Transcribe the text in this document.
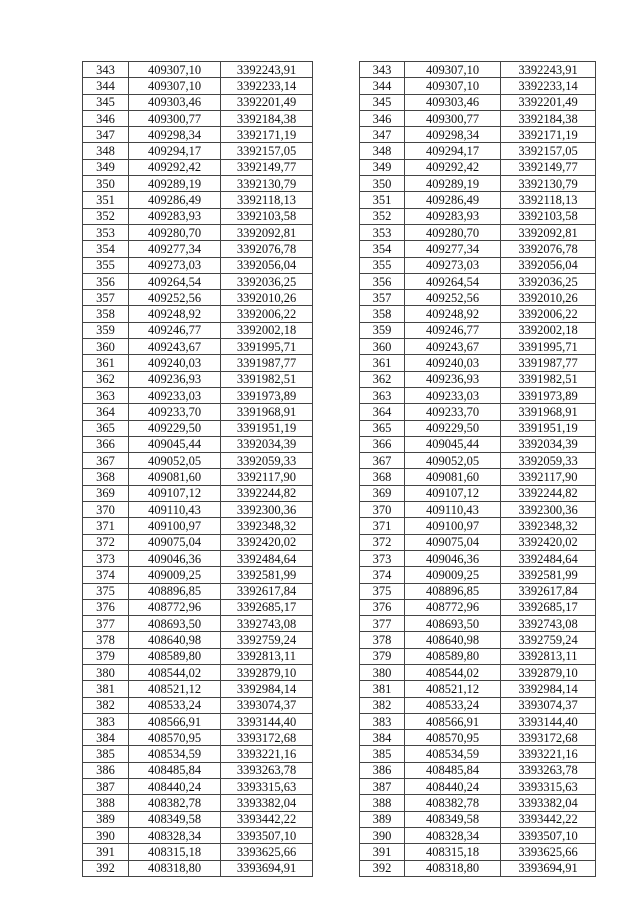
343	409307,10	3392243,91		343	409307,10	3392243,91
344	409307,10	3392233,14		344	409307,10	3392233,14
345	409303,46	3392201,49		345	409303,46	3392201,49
346	409300,77	3392184,38		346	409300,77	3392184,38
347	409298,34	3392171,19		347	409298,34	3392171,19
348	409294,17	3392157,05		348	409294,17	3392157,05
349	409292,42	3392149,77		349	409292,42	3392149,77
350	409289,19	3392130,79		350	409289,19	3392130,79
351	409286,49	3392118,13		351	409286,49	3392118,13
352	409283,93	3392103,58		352	409283,93	3392103,58
353	409280,70	3392092,81		353	409280,70	3392092,81
354	409277,34	3392076,78		354	409277,34	3392076,78
355	409273,03	3392056,04		355	409273,03	3392056,04
356	409264,54	3392036,25		356	409264,54	3392036,25
357	409252,56	3392010,26		357	409252,56	3392010,26
358	409248,92	3392006,22		358	409248,92	3392006,22
359	409246,77	3392002,18		359	409246,77	3392002,18
360	409243,67	3391995,71		360	409243,67	3391995,71
361	409240,03	3391987,77		361	409240,03	3391987,77
362	409236,93	3391982,51		362	409236,93	3391982,51
363	409233,03	3391973,89		363	409233,03	3391973,89
364	409233,70	3391968,91		364	409233,70	3391968,91
365	409229,50	3391951,19		365	409229,50	3391951,19
366	409045,44	3392034,39		366	409045,44	3392034,39
367	409052,05	3392059,33		367	409052,05	3392059,33
368	409081,60	3392117,90		368	409081,60	3392117,90
369	409107,12	3392244,82		369	409107,12	3392244,82
370	409110,43	3392300,36		370	409110,43	3392300,36
371	409100,97	3392348,32		371	409100,97	3392348,32
372	409075,04	3392420,02		372	409075,04	3392420,02
373	409046,36	3392484,64		373	409046,36	3392484,64
374	409009,25	3392581,99		374	409009,25	3392581,99
375	408896,85	3392617,84		375	408896,85	3392617,84
376	408772,96	3392685,17		376	408772,96	3392685,17
377	408693,50	3392743,08		377	408693,50	3392743,08
378	408640,98	3392759,24		378	408640,98	3392759,24
379	408589,80	3392813,11		379	408589,80	3392813,11
380	408544,02	3392879,10		380	408544,02	3392879,10
381	408521,12	3392984,14		381	408521,12	3392984,14
382	408533,24	3393074,37		382	408533,24	3393074,37
383	408566,91	3393144,40		383	408566,91	3393144,40
384	408570,95	3393172,68		384	408570,95	3393172,68
385	408534,59	3393221,16		385	408534,59	3393221,16
386	408485,84	3393263,78		386	408485,84	3393263,78
387	408440,24	3393315,63		387	408440,24	3393315,63
388	408382,78	3393382,04		388	408382,78	3393382,04
389	408349,58	3393442,22		389	408349,58	3393442,22
390	408328,34	3393507,10		390	408328,34	3393507,10
391	408315,18	3393625,66		391	408315,18	3393625,66
392	408318,80	3393694,91		392	408318,80	3393694,91
